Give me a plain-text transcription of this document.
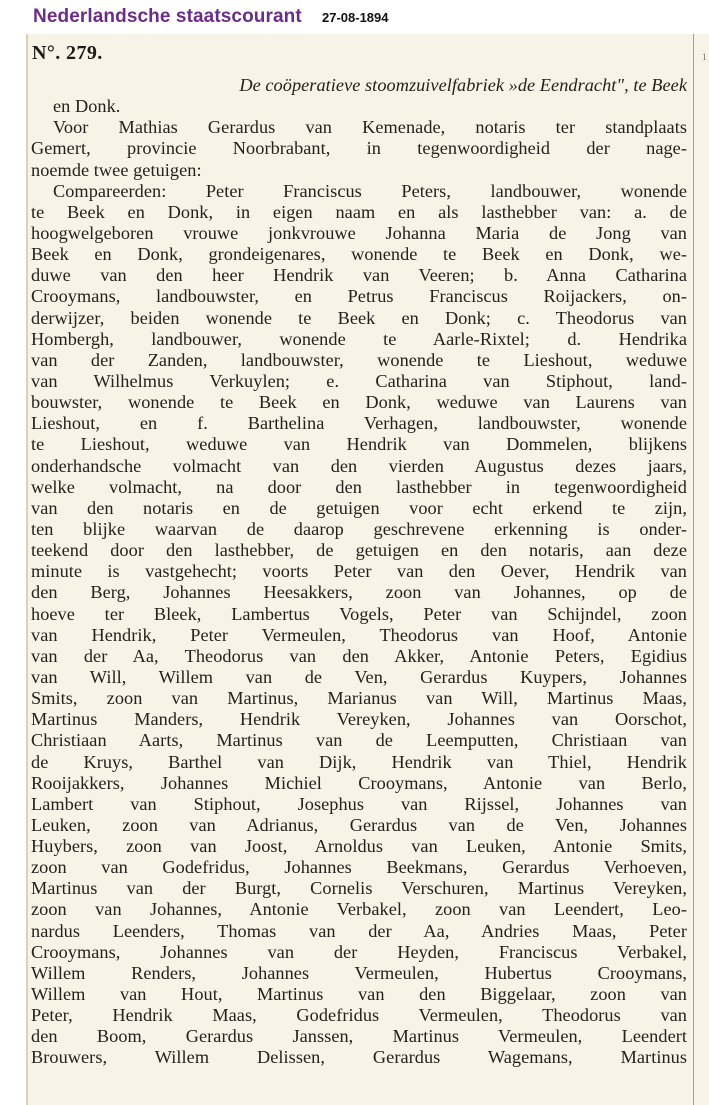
Nederlandsche staatscourant 27-08-1894
1
N°. 279.
De coöperatieve stoomzuivelfabriek »de Eendracht", te Beek
en Donk.
Voor Mathias Gerardus van Kemenade, notaris ter standplaats
Gemert, provincie Noorbrabant, in tegenwoordigheid der nage-
noemde twee getuigen:
Compareerden: Peter Franciscus Peters, landbouwer, wonende
te Beek en Donk, in eigen naam en als lasthebber van: a. de
hoogwelgeboren vrouwe jonkvrouwe Johanna Maria de Jong van
Beek en Donk, grondeigenares, wonende te Beek en Donk, we-
duwe van den heer Hendrik van Veeren; b. Anna Catharina
Crooymans, landbouwster, en Petrus Franciscus Roijackers, on-
derwijzer, beiden wonende te Beek en Donk; c. Theodorus van
Hombergh, landbouwer, wonende te Aarle-Rixtel; d. Hendrika
van der Zanden, landbouwster, wonende te Lieshout, weduwe
van Wilhelmus Verkuylen; e. Catharina van Stiphout, land-
bouwster, wonende te Beek en Donk, weduwe van Laurens van
Lieshout, en f. Barthelina Verhagen, landbouwster, wonende
te Lieshout, weduwe van Hendrik van Dommelen, blijkens
onderhandsche volmacht van den vierden Augustus dezes jaars,
welke volmacht, na door den lasthebber in tegenwoordigheid
van den notaris en de getuigen voor echt erkend te zijn,
ten blijke waarvan de daarop geschrevene erkenning is onder-
teekend door den lasthebber, de getuigen en den notaris, aan deze
minute is vastgehecht; voorts Peter van den Oever, Hendrik van
den Berg, Johannes Heesakkers, zoon van Johannes, op de
hoeve ter Bleek, Lambertus Vogels, Peter van Schijndel, zoon
van Hendrik, Peter Vermeulen, Theodorus van Hoof, Antonie
van der Aa, Theodorus van den Akker, Antonie Peters, Egidius
van Will, Willem van de Ven, Gerardus Kuypers, Johannes
Smits, zoon van Martinus, Marianus van Will, Martinus Maas,
Martinus Manders, Hendrik Vereyken, Johannes van Oorschot,
Christiaan Aarts, Martinus van de Leemputten, Christiaan van
de Kruys, Barthel van Dijk, Hendrik van Thiel, Hendrik
Rooijakkers, Johannes Michiel Crooymans, Antonie van Berlo,
Lambert van Stiphout, Josephus van Rijssel, Johannes van
Leuken, zoon van Adrianus, Gerardus van de Ven, Johannes
Huybers, zoon van Joost, Arnoldus van Leuken, Antonie Smits,
zoon van Godefridus, Johannes Beekmans, Gerardus Verhoeven,
Martinus van der Burgt, Cornelis Verschuren, Martinus Vereyken,
zoon van Johannes, Antonie Verbakel, zoon van Leendert, Leo-
nardus Leenders, Thomas van der Aa, Andries Maas, Peter
Crooymans, Johannes van der Heyden, Franciscus Verbakel,
Willem Renders, Johannes Vermeulen, Hubertus Crooymans,
Willem van Hout, Martinus van den Biggelaar, zoon van
Peter, Hendrik Maas, Godefridus Vermeulen, Theodorus van
den Boom, Gerardus Janssen, Martinus Vermeulen, Leendert
Brouwers, Willem Delissen, Gerardus Wagemans, Martinus
